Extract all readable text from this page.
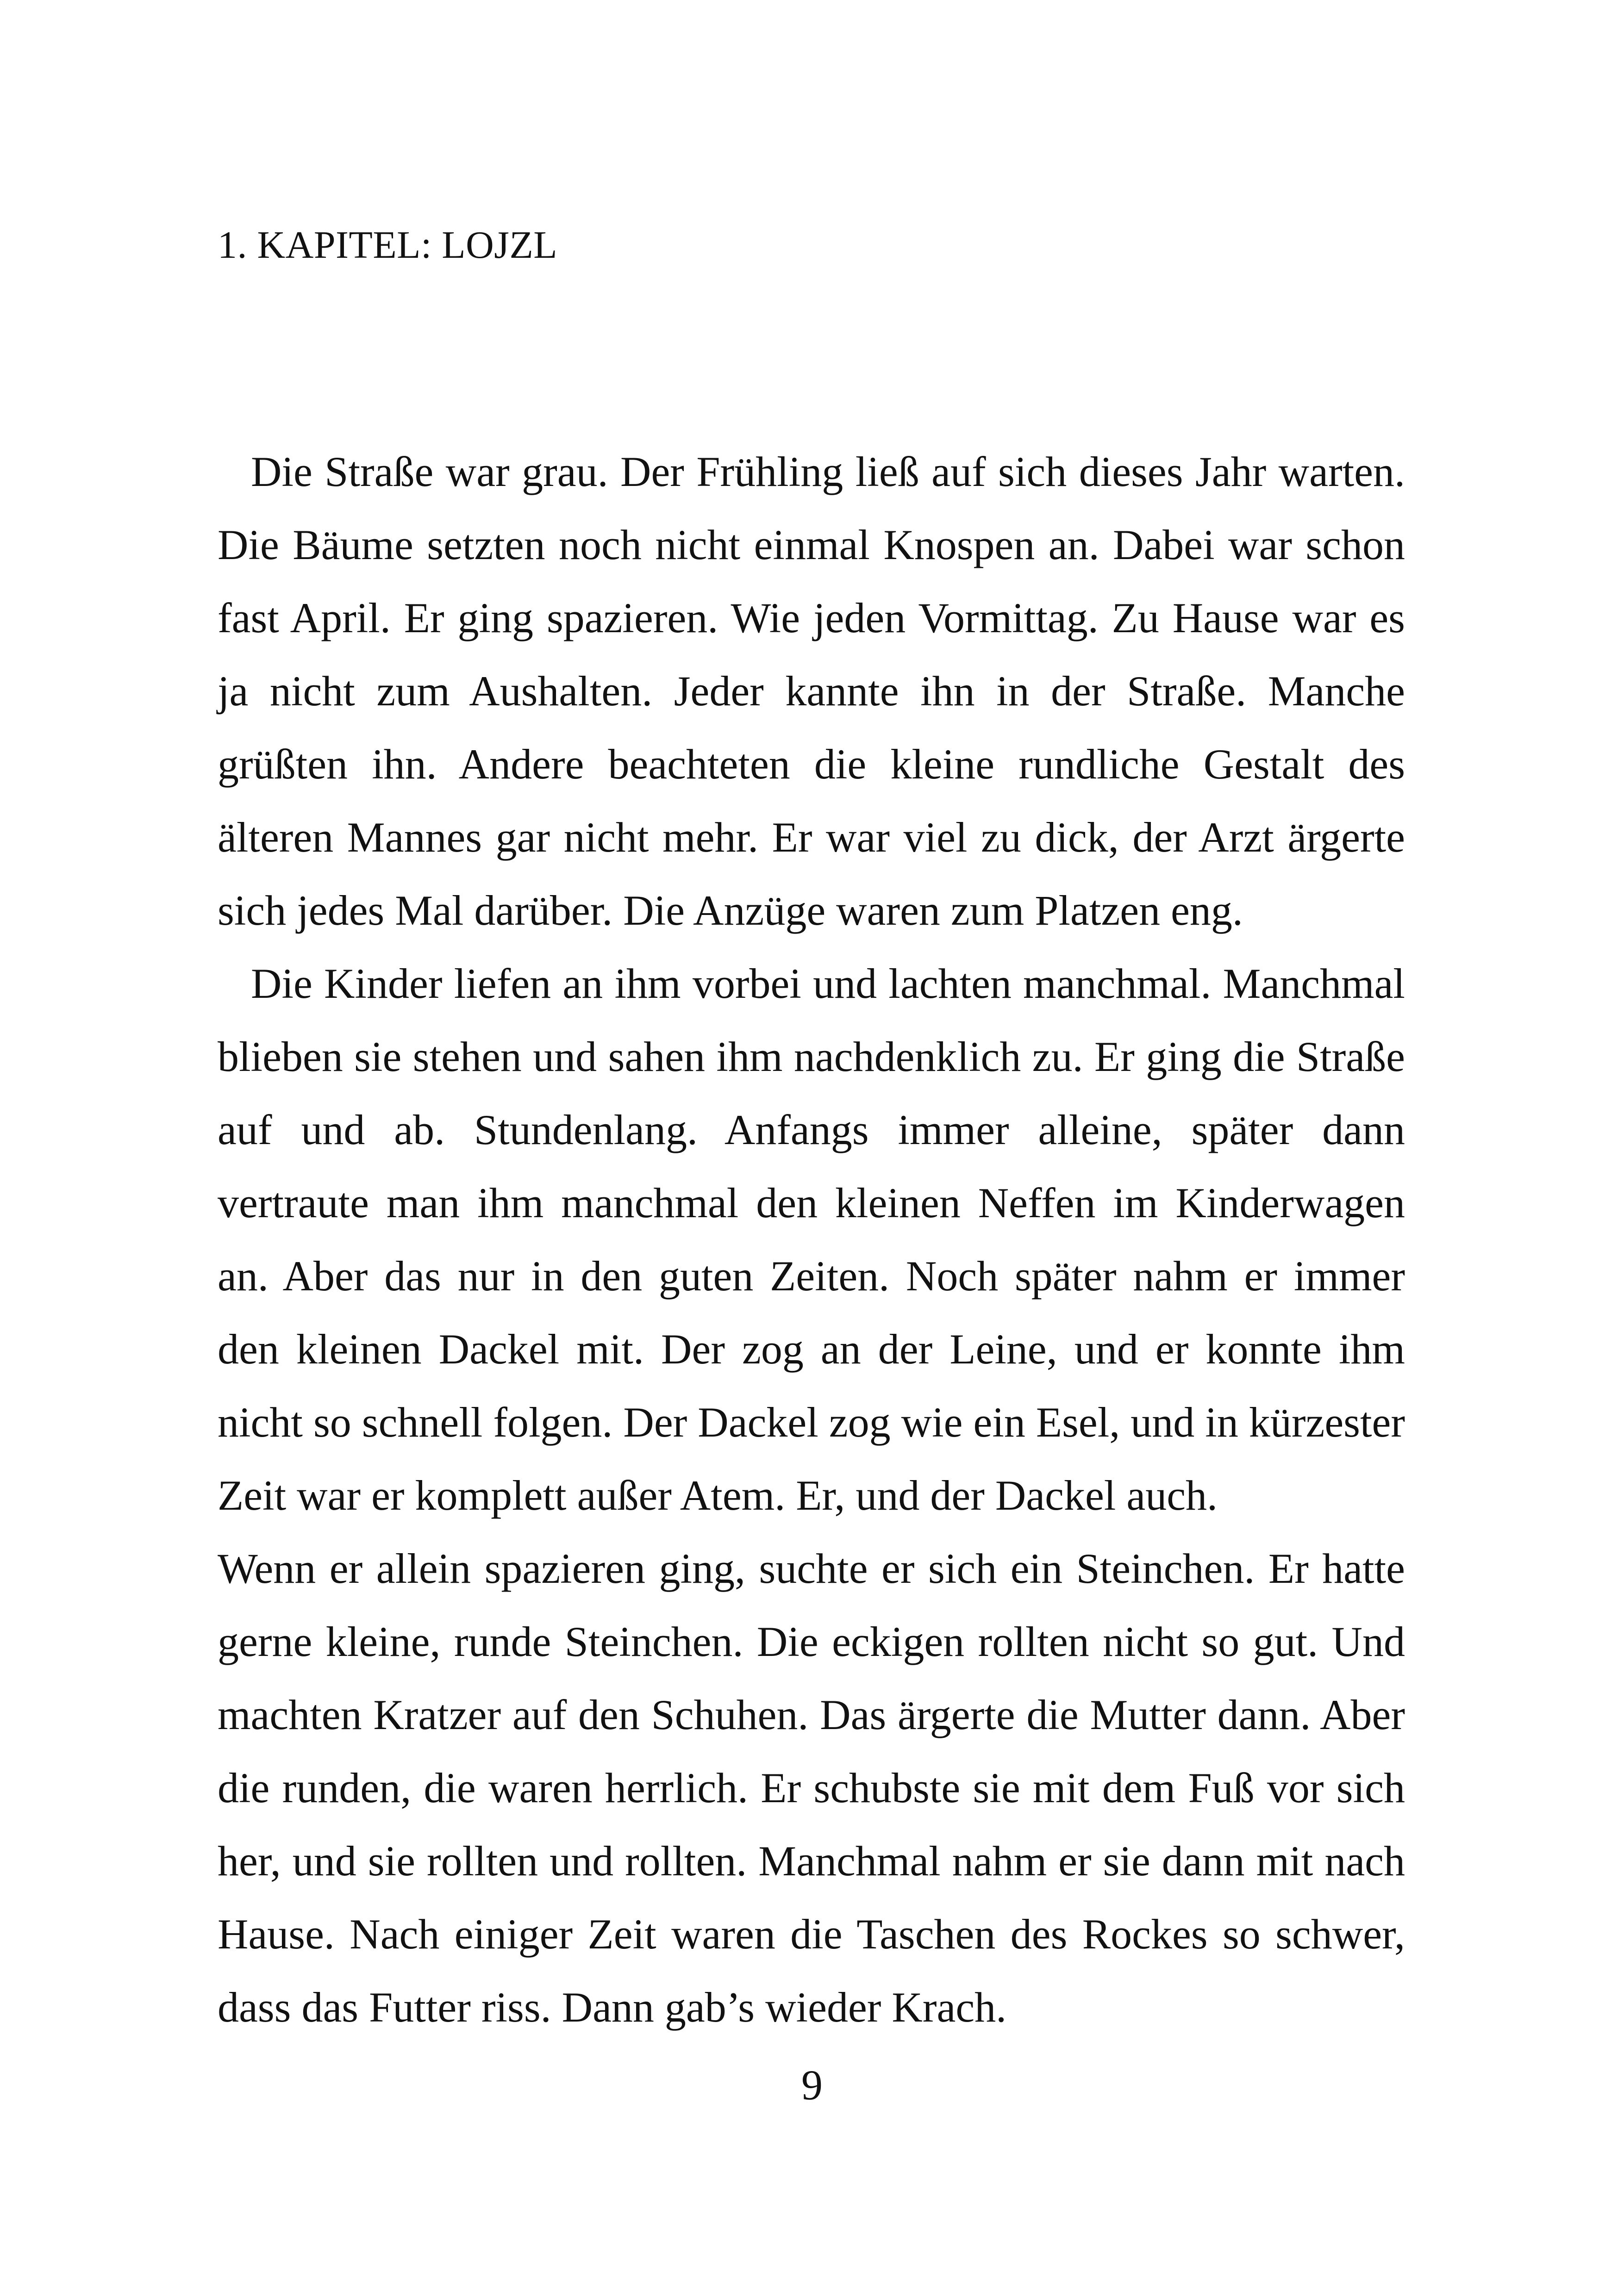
1. KAPITEL: LOJZL

Die Straße war grau. Der Frühling ließ auf sich dieses Jahr warten. Die Bäume setzten noch nicht einmal Knospen an. Dabei war schon fast April. Er ging spazieren. Wie jeden Vormittag. Zu Hause war es ja nicht zum Aushalten. Jeder kannte ihn in der Straße. Manche grüßten ihn. Andere beachteten die kleine rundliche Gestalt des älteren Mannes gar nicht mehr. Er war viel zu dick, der Arzt ärgerte sich jedes Mal darüber. Die Anzüge waren zum Platzen eng.

Die Kinder liefen an ihm vorbei und lachten manchmal. Manchmal blieben sie stehen und sahen ihm nachdenklich zu. Er ging die Straße auf und ab. Stundenlang. Anfangs immer alleine, später dann vertraute man ihm manchmal den kleinen Neffen im Kinderwagen an. Aber das nur in den guten Zeiten. Noch später nahm er immer den kleinen Dackel mit. Der zog an der Leine, und er konnte ihm nicht so schnell folgen. Der Dackel zog wie ein Esel, und in kürzester Zeit war er komplett außer Atem. Er, und der Dackel auch.

Wenn er allein spazieren ging, suchte er sich ein Steinchen. Er hatte gerne kleine, runde Steinchen. Die eckigen rollten nicht so gut. Und machten Kratzer auf den Schuhen. Das ärgerte die Mutter dann. Aber die runden, die waren herrlich. Er schubste sie mit dem Fuß vor sich her, und sie rollten und rollten. Manchmal nahm er sie dann mit nach Hause. Nach einiger Zeit waren die Taschen des Rockes so schwer, dass das Futter riss. Dann gab’s wieder Krach.

9
